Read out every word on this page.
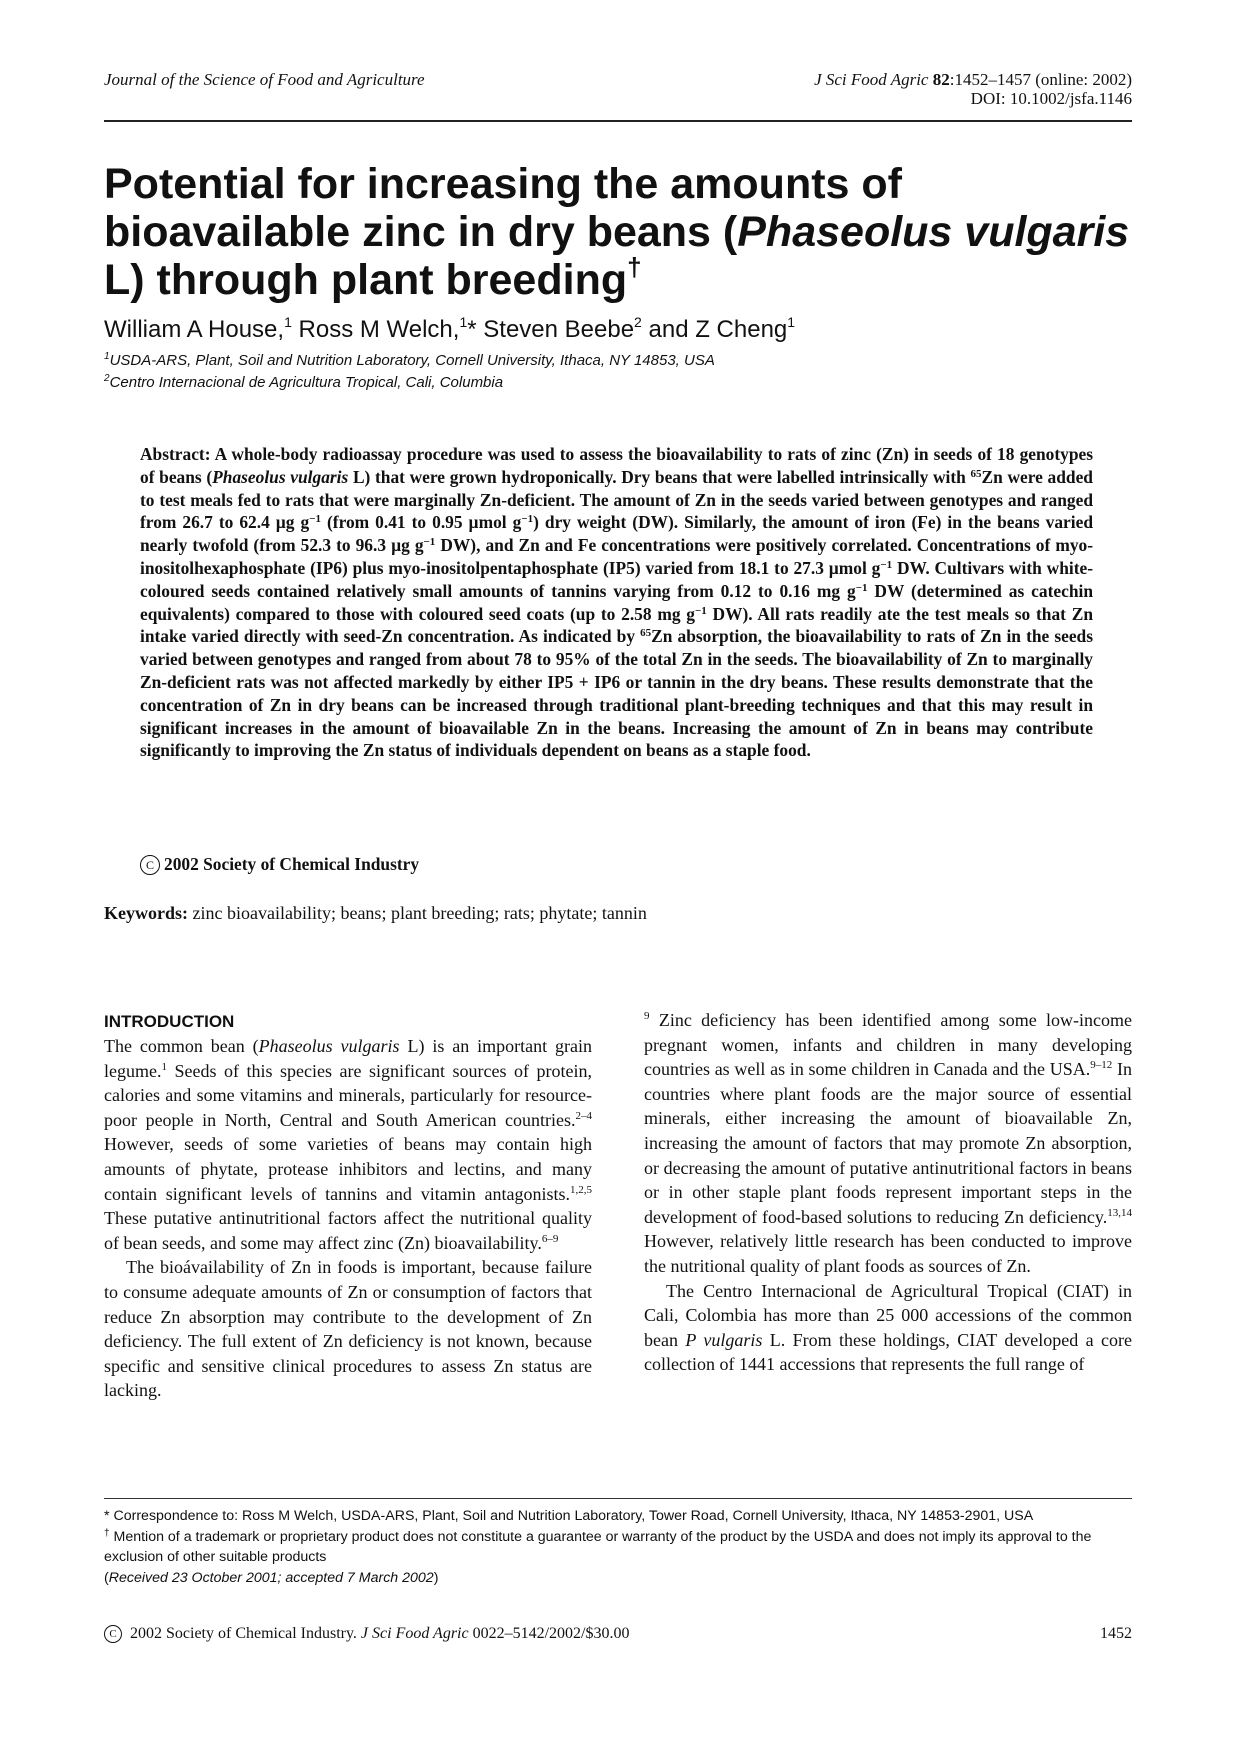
Journal of the Science of Food and Agriculture	J Sci Food Agric 82:1452–1457 (online: 2002)
DOI: 10.1002/jsfa.1146
Potential for increasing the amounts of bioavailable zinc in dry beans (Phaseolus vulgaris L) through plant breeding†
William A House,$^1$ Ross M Welch,$^1$* Steven Beebe$^2$ and Z Cheng$^1$
$^1$USDA-ARS, Plant, Soil and Nutrition Laboratory, Cornell University, Ithaca, NY 14853, USA
$^2$Centro Internacional de Agricultura Tropical, Cali, Columbia

Abstract: A whole-body radioassay procedure was used to assess the bioavailability to rats of zinc (Zn) in seeds of 18 genotypes of beans (Phaseolus vulgaris L) that were grown hydroponically. Dry beans that were labelled intrinsically with $^{65}$Zn were added to test meals fed to rats that were marginally Zn-deficient. The amount of Zn in the seeds varied between genotypes and ranged from 26.7 to 62.4 µg $g^{-1}$ (from 0.41 to 0.95 µmol $g^{-1}$) dry weight (DW). Similarly, the amount of iron (Fe) in the beans varied nearly twofold (from 52.3 to 96.3 µg $g^{-1}$ DW), and Zn and Fe concentrations were positively correlated. Concentrations of myo-inositolhexaphosphate (IP6) plus myo-inositolpentaphosphate (IP5) varied from 18.1 to 27.3 µmol $g^{-1}$ DW. Cultivars with white-coloured seeds contained relatively small amounts of tannins varying from 0.12 to 0.16 mg $g^{-1}$ DW (determined as catechin equivalents) compared to those with coloured seed coats (up to 2.58 mg $g^{-1}$ DW). All rats readily ate the test meals so that Zn intake varied directly with seed-Zn concentration. As indicated by $^{65}$Zn absorption, the bioavailability to rats of Zn in the seeds varied between genotypes and ranged from about 78 to 95% of the total Zn in the seeds. The bioavailability of Zn to marginally Zn-deficient rats was not affected markedly by either IP5 + IP6 or tannin in the dry beans. These results demonstrate that the concentration of Zn in dry beans can be increased through traditional plant-breeding techniques and that this may result in significant increases in the amount of bioavailable Zn in the beans. Increasing the amount of Zn in beans may contribute significantly to improving the Zn status of individuals dependent on beans as a staple food.

C 2002 Society of Chemical Industry
Keywords: zinc bioavailability; beans; plant breeding; rats; phytate; tannin
INTRODUCTION

The common bean (Phaseolus vulgaris L) is an important grain legume.$^1$ Seeds of this species are significant sources of protein, calories and some vitamins and minerals, particularly for resource-poor people in North, Central and South American countries.$^{2-4}$ However, seeds of some varieties of beans may contain high amounts of phytate, protease inhibitors and lectins, and many contain significant levels of tannins and vitamin antagonists.$^{1,2,5}$ These putative antinutritional factors affect the nutritional quality of bean seeds, and some may affect zinc (Zn) bioavailability.$^{6-9}$

The bioávailability of Zn in foods is important, because failure to consume adequate amounts of Zn or consumption of factors that reduce Zn absorption may contribute to the development of Zn deficiency. The full extent of Zn deficiency is not known, because specific and sensitive clinical procedures to assess Zn status are lacking.

$^9$ Zinc deficiency has been identified among some low-income pregnant women, infants and children in many developing countries as well as in some children in Canada and the USA.$^{9-12}$ In countries where plant foods are the major source of essential minerals, either increasing the amount of bioavailable Zn, increasing the amount of factors that may promote Zn absorption, or decreasing the amount of putative antinutritional factors in beans or in other staple plant foods represent important steps in the development of food-based solutions to reducing Zn deficiency.$^{13,14}$ However, relatively little research has been conducted to improve the nutritional quality of plant foods as sources of Zn.

The Centro Internacional de Agricultural Tropical (CIAT) in Cali, Colombia has more than 25 000 accessions of the common bean P vulgaris L. From these holdings, CIAT developed a core collection of 1441 accessions that represents the full range of

* Correspondence to: Ross M Welch, USDA-ARS, Plant, Soil and Nutrition Laboratory, Tower Road, Cornell University, Ithaca, NY 14853-2901, USA

† Mention of a trademark or proprietary product does not constitute a guarantee or warranty of the product by the USDA and does not imply its approval to the exclusion of other suitable products

(Received 23 October 2001; accepted 7 March 2002)

C 2002 Society of Chemical Industry. J Sci Food Agric 0022–5142/2002/$30.00	1452
